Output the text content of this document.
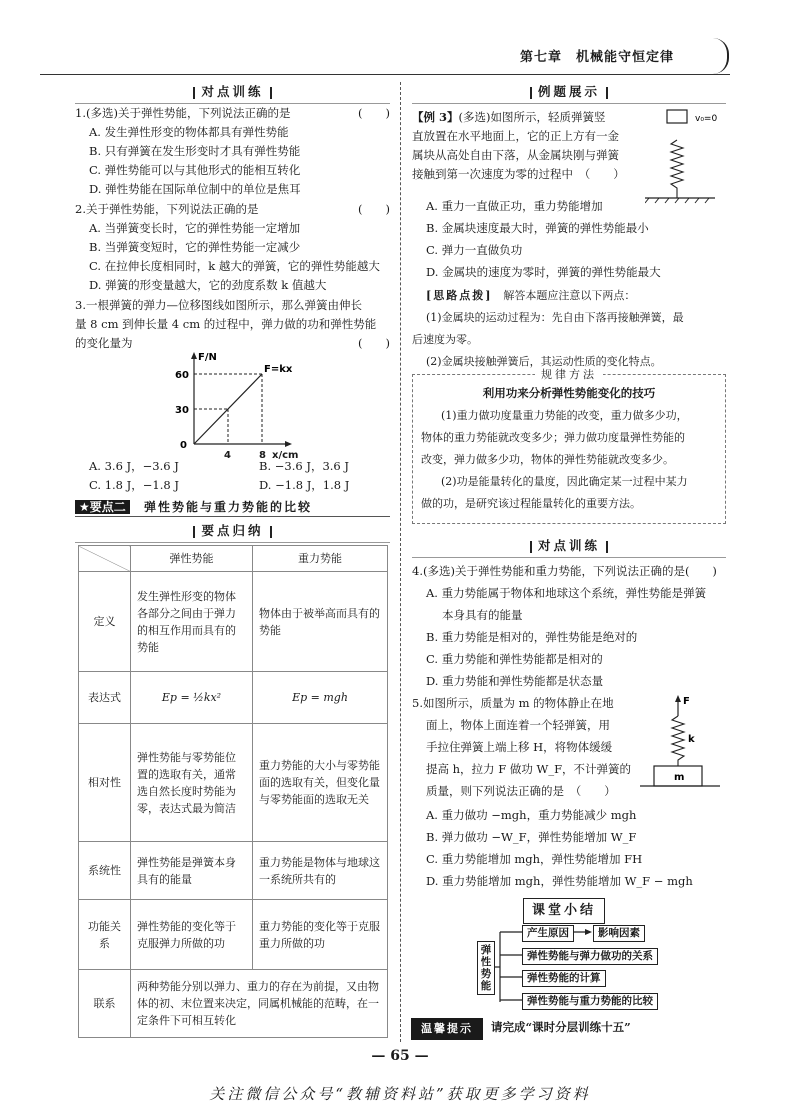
第七章　机械能守恒定律
对点训练

1.(多选)关于弹性势能，下列说法正确的是	(　　)

A. 发生弹性形变的物体都具有弹性势能

B. 只有弹簧在发生形变时才具有弹性势能

C. 弹性势能可以与其他形式的能相互转化

D. 弹性势能在国际单位制中的单位是焦耳

2.关于弹性势能，下列说法正确的是	(　　)

A. 当弹簧变长时，它的弹性势能一定增加

B. 当弹簧变短时，它的弹性势能一定减少

C. 在拉伸长度相同时，k 越大的弹簧，它的弹性势能越大

D. 弹簧的形变量越大，它的劲度系数 k 值越大

3.一根弹簧的弹力—位移图线如图所示，那么弹簧由伸长

量 8 cm 到伸长量 4 cm 的过程中，弹力做的功和弹性势能

的变化量为	(　　)

F/N
F=kx
60
30
0
4	8 x/cm
A. 3.6 J，−3.6 J	B. −3.6 J，3.6 J
C. 1.8 J，−1.8 J	D. −1.8 J，1.8 J
★要点二 弹性势能与重力势能的比较
要点归纳
	弹性势能	重力势能
定义	发生弹性形变的物体各部分之间由于弹力的相互作用而具有的势能	物体由于被举高而具有的势能
表达式	Ep = ½kx²	Ep = mgh
相对性	弹性势能与零势能位置的选取有关，通常选自然长度时势能为零，表达式最为简洁	重力势能的大小与零势能面的选取有关，但变化量与零势能面的选取无关
系统性	弹性势能是弹簧本身具有的能量	重力势能是物体与地球这一系统所共有的
功能关系	弹性势能的变化等于克服弹力所做的功	重力势能的变化等于克服重力所做的功
联系	两种势能分别以弹力、重力的存在为前提，又由物体的初、末位置来决定，同属机械能的范畴，在一定条件下可相互转化	
例题展示

【例 3】(多选)如图所示，轻质弹簧竖

直放置在水平地面上，它的正上方有一金

属块从高处自由下落，从金属块刚与弹簧

接触到第一次速度为零的过程中　（　　）

v₀=0

A. 重力一直做正功，重力势能增加

B. 金属块速度最大时，弹簧的弹性势能最小

C. 弹力一直做负功

D. 金属块的速度为零时，弹簧的弹性势能最大

[思路点拨]　 解答本题应注意以下两点：

(1)金属块的运动过程为：先自由下落再接触弹簧，最

后速度为零。

(2)金属块接触弹簧后，其运动性质的变化特点。

规律方法
利用功来分析弹性势能变化的技巧

(1)重力做功度量重力势能的改变，重力做多少功，

物体的重力势能就改变多少；弹力做功度量弹性势能的

改变，弹力做多少功，物体的弹性势能就改变多少。

(2)功是能量转化的量度，因此确定某一过程中某力

做的功，是研究该过程能量转化的重要方法。

对点训练

4.(多选)关于弹性势能和重力势能，下列说法正确的是(　　)

A. 重力势能属于物体和地球这个系统，弹性势能是弹簧

本身具有的能量

B. 重力势能是相对的，弹性势能是绝对的

C. 重力势能和弹性势能都是相对的

D. 重力势能和弹性势能都是状态量

5.如图所示，质量为 m 的物体静止在地

面上，物体上面连着一个轻弹簧，用

手拉住弹簧上端上移 H，将物体缓缓

提高 h，拉力 F 做功 W_F，不计弹簧的

质量，则下列说法正确的是　（　　）

F
k
m

A. 重力做功 −mgh，重力势能减少 mgh

B. 弹力做功 −W_F，弹性势能增加 W_F

C. 重力势能增加 mgh，弹性势能增加 FH

D. 重力势能增加 mgh，弹性势能增加 W_F − mgh

课堂小结
弹性势能
产生原因	影响因素
弹性势能与弹力做功的关系
弹性势能的计算
弹性势能与重力势能的比较
温馨提示	请完成“课时分层训练十五”
— 65 —
关注微信公众号“教辅资料站”获取更多学习资料
